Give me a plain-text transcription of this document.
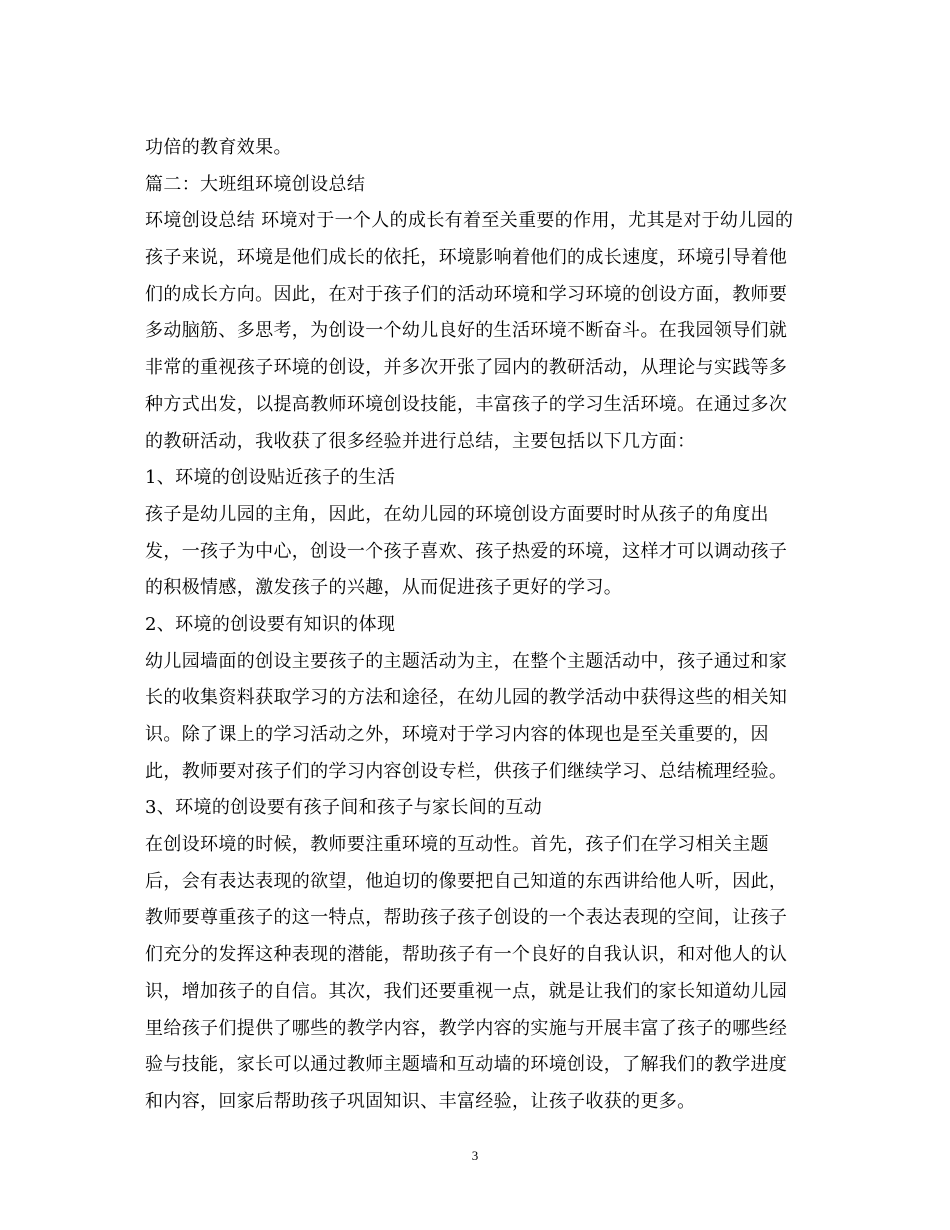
功倍的教育效果。
篇二：大班组环境创设总结
环境创设总结 环境对于一个人的成长有着至关重要的作用，尤其是对于幼儿园的
孩子来说，环境是他们成长的依托，环境影响着他们的成长速度，环境引导着他
们的成长方向。因此，在对于孩子们的活动环境和学习环境的创设方面，教师要
多动脑筋、多思考，为创设一个幼儿良好的生活环境不断奋斗。在我园领导们就
非常的重视孩子环境的创设，并多次开张了园内的教研活动，从理论与实践等多
种方式出发，以提高教师环境创设技能，丰富孩子的学习生活环境。在通过多次
的教研活动，我收获了很多经验并进行总结，主要包括以下几方面：
1、环境的创设贴近孩子的生活
孩子是幼儿园的主角，因此，在幼儿园的环境创设方面要时时从孩子的角度出
发，一孩子为中心，创设一个孩子喜欢、孩子热爱的环境，这样才可以调动孩子
的积极情感，激发孩子的兴趣，从而促进孩子更好的学习。
2、环境的创设要有知识的体现
幼儿园墙面的创设主要孩子的主题活动为主，在整个主题活动中，孩子通过和家
长的收集资料获取学习的方法和途径，在幼儿园的教学活动中获得这些的相关知
识。除了课上的学习活动之外，环境对于学习内容的体现也是至关重要的，因
此，教师要对孩子们的学习内容创设专栏，供孩子们继续学习、总结梳理经验。
3、环境的创设要有孩子间和孩子与家长间的互动
在创设环境的时候，教师要注重环境的互动性。首先，孩子们在学习相关主题
后，会有表达表现的欲望，他迫切的像要把自己知道的东西讲给他人听，因此，
教师要尊重孩子的这一特点，帮助孩子孩子创设的一个表达表现的空间，让孩子
们充分的发挥这种表现的潜能，帮助孩子有一个良好的自我认识，和对他人的认
识，增加孩子的自信。其次，我们还要重视一点，就是让我们的家长知道幼儿园
里给孩子们提供了哪些的教学内容，教学内容的实施与开展丰富了孩子的哪些经
验与技能，家长可以通过教师主题墙和互动墙的环境创设，了解我们的教学进度
和内容，回家后帮助孩子巩固知识、丰富经验，让孩子收获的更多。
3
